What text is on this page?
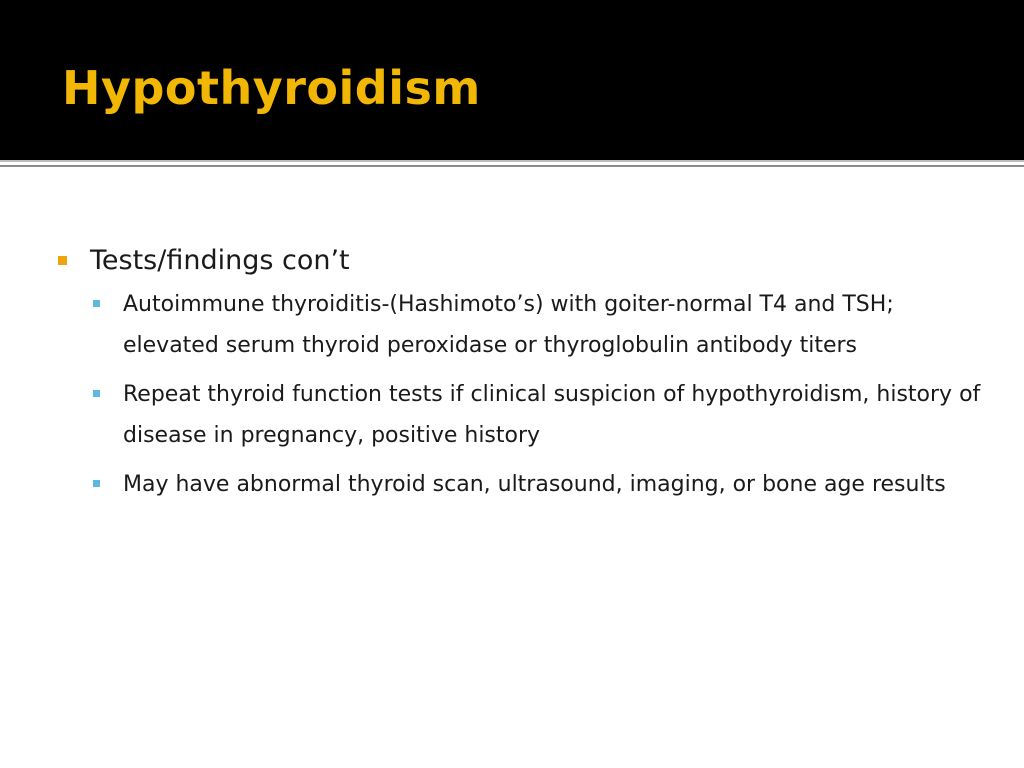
Hypothyroidism
Tests/findings con’t
Autoimmune thyroiditis-(Hashimoto’s) with goiter-normal T4 and TSH; elevated serum thyroid peroxidase or thyroglobulin antibody titers
Repeat thyroid function tests if clinical suspicion of hypothyroidism, history of disease in pregnancy, positive history
May have abnormal thyroid scan, ultrasound, imaging, or bone age results
